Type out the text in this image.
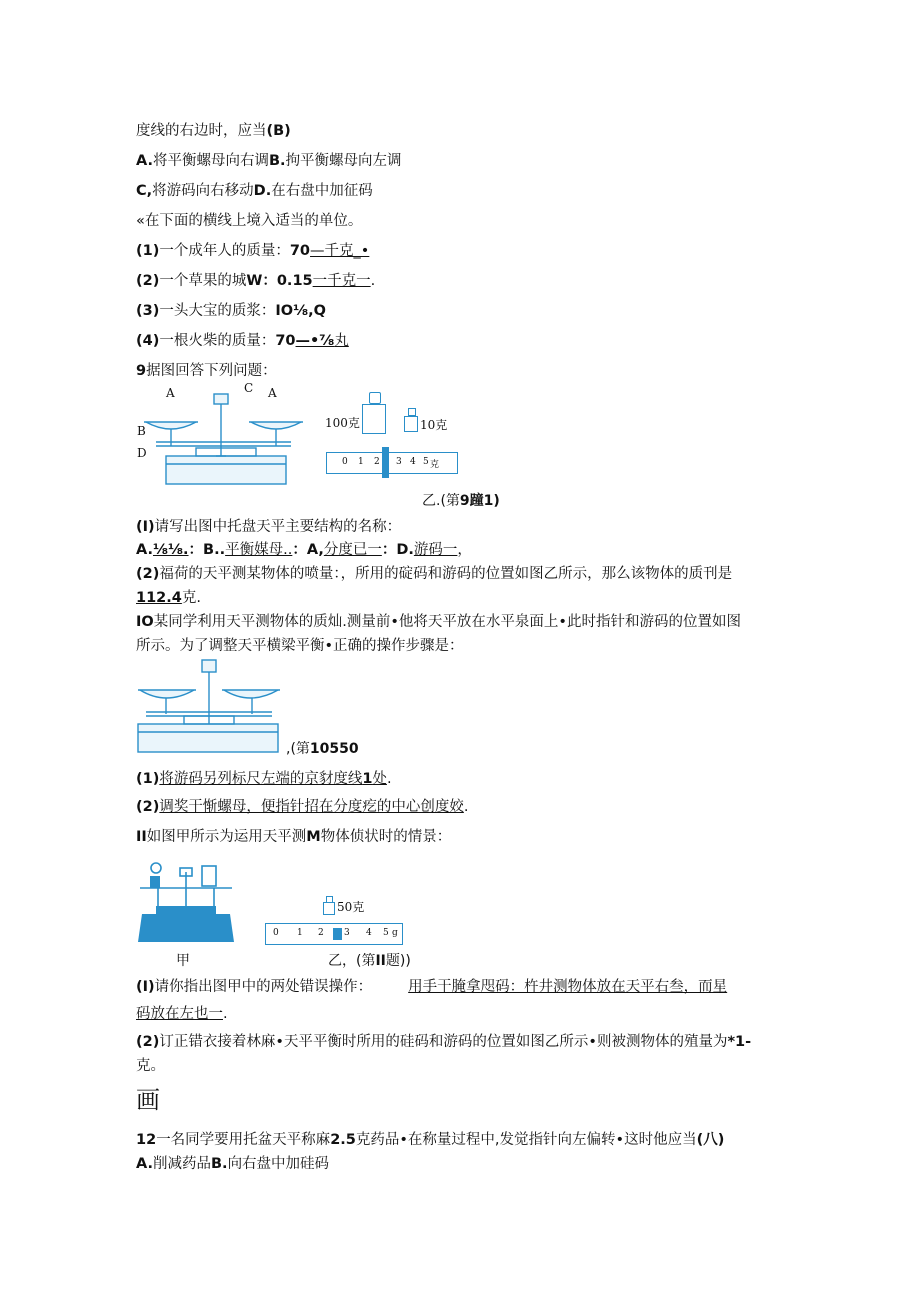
度线的右边时，应当(B)
A.将平衡螺母向右调B.拘平衡螺母向左调
C,将游码向右移动D.在右盘中加征码
«在下面的横线上境入适当的单位。
(1)一个成年人的质量：70—千克_•
(2)一个草果的城W：0.15一千克一.
(3)一头大宝的质浆：IO⅛,Q
(4)一根火柴的质量：70—•⅞丸
9据图回答下列问题：
A	C A
B
D
100克	10克
0 1 2 3 4 5 克
乙.(第9蹱1)
(I)请写出图中托盘天平主要结构的名称：
A.⅛⅛.：B..平衡媒母..：A,分度已一：D.游码一，
(2)福荷的天平测某物体的喷量：，所用的碇码和游码的位置如图乙所示，那么该物体的质刊是
112.4克.
IO某同学利用天平测物体的质灿.测量前•他将天平放在水平泉面上•此时指针和游码的位置如图
所示。为了调整天平横梁平衡•正确的操作步骤是：
,(第10550
(1)将游码另列标尺左端的京豺度线1处.
(2)调奖干惭螺母，便指针招在分度疙的中心创度姣.
II如图甲所示为运用天平测M物体侦状时的情景：
50克
0 1 2 3 4 5 g
甲	乙，(第II题))
(I)请你指出图甲中的两处错误操作： 用手干腌拿咫码：杵井测物体放在天平右叁，而星
码放在左也一.
(2)订正错衣接着林麻•天平平衡时所用的硅码和游码的位置如图乙所示•则被测物体的殖量为*1-
克。
画
12一名同学要用托盆天平称麻2.5克药品•在称量过程中,发觉指针向左偏转•这时他应当(八)
A.削减药品B.向右盘中加硅码
